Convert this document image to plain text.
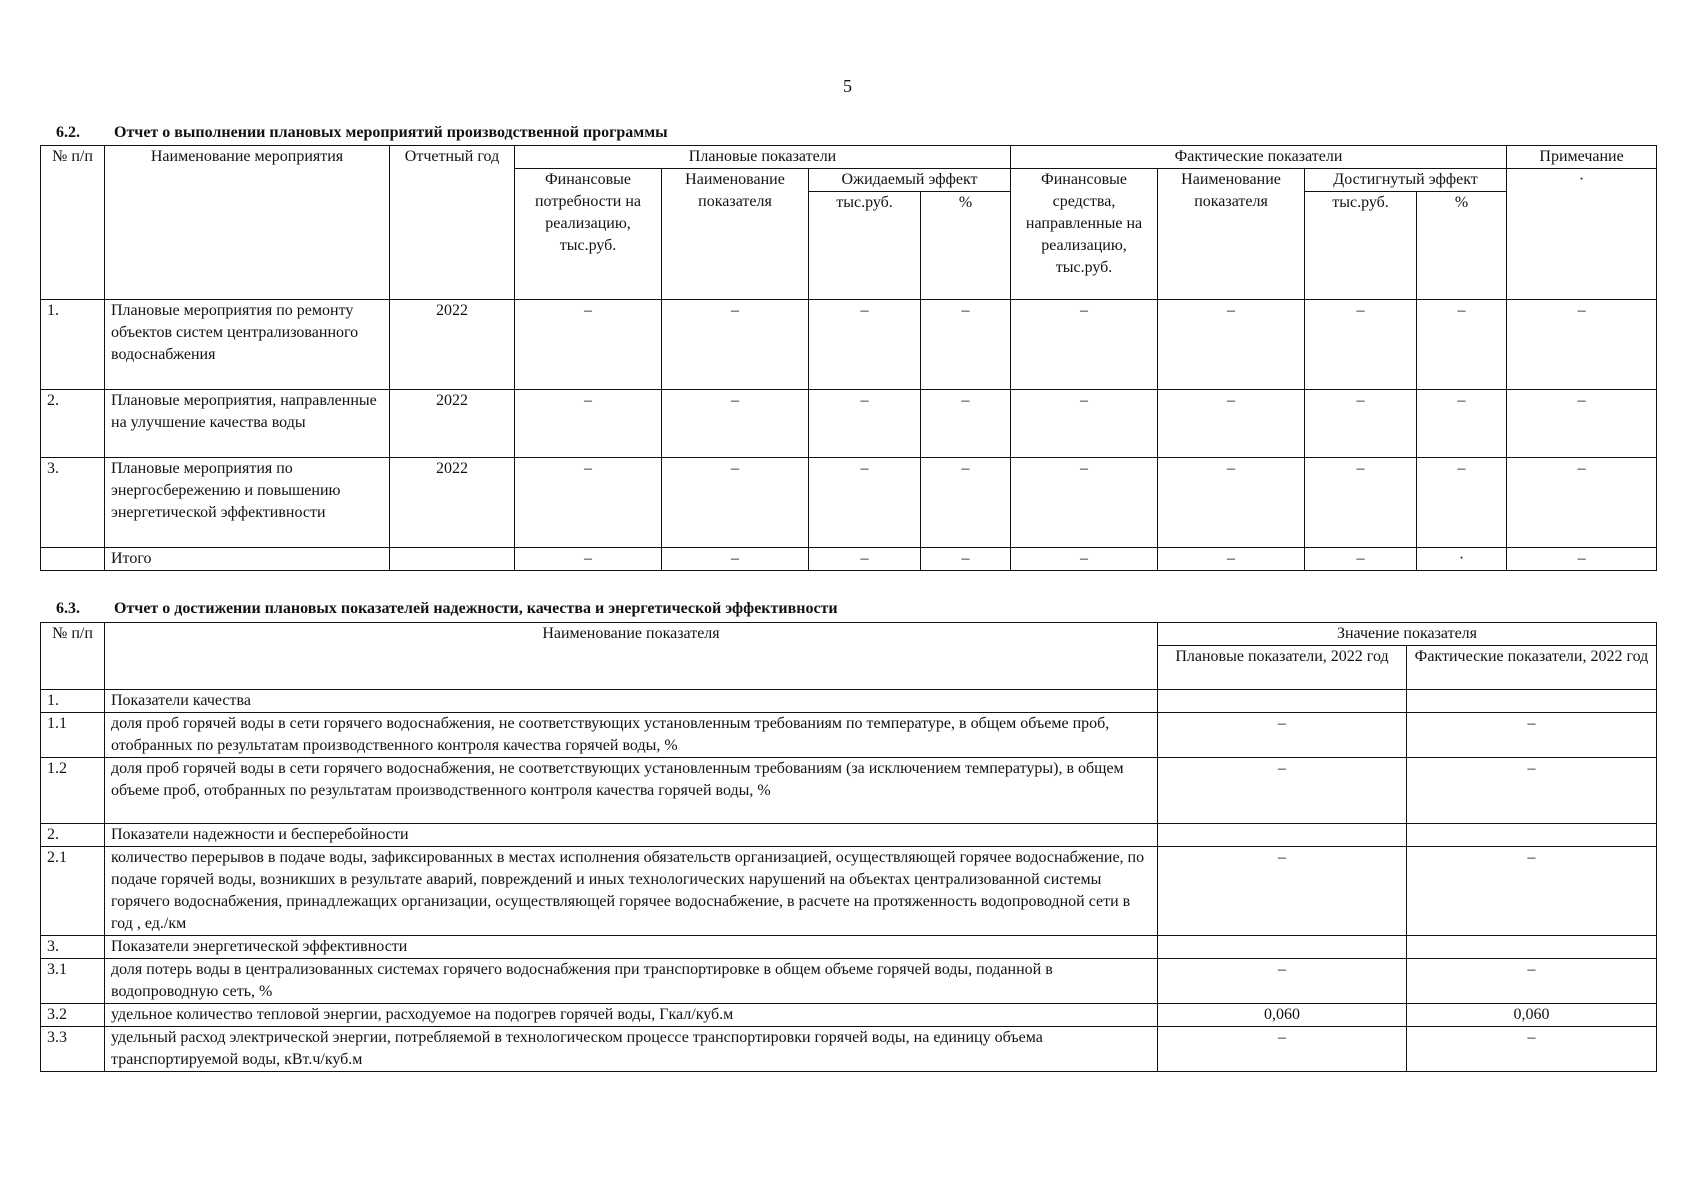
5
6.2. Отчет о выполнении плановых мероприятий производственной программы
№ п/п	Наименование мероприятия	Отчетный год	Плановые показатели				Фактические показатели				Примечание
			Финансовые потребности на реализацию, тыс.руб.	Наименование показателя	Ожидаемый эффект		Финансовые средства, направленные на реализацию, тыс.руб.	Наименование показателя	Достигнутый эффект		·
					тыс.руб.	%			тыс.руб.	%	
1.	Плановые мероприятия по ремонту объектов систем централизованного водоснабжения	2022	–	–	–	–	–	–	–	–	–
2.	Плановые мероприятия, направленные на улучшение качества воды	2022	–	–	–	–	–	–	–	–	–
3.	Плановые мероприятия по энергосбережению и повышению энергетической эффективности	2022	–	–	–	–	–	–	–	–	–
	Итого		–	–	–	–	–	–	–	·	–
6.3. Отчет о достижении плановых показателей надежности, качества и энергетической эффективности
№ п/п	Наименование показателя	Значение показателя	
		Плановые показатели, 2022 год	Фактические показатели, 2022 год
1.	Показатели качества		
1.1	доля проб горячей воды в сети горячего водоснабжения, не соответствующих установленным требованиям по температуре, в общем объеме проб, отобранных по результатам производственного контроля качества горячей воды, %	–	–
1.2	доля проб горячей воды в сети горячего водоснабжения, не соответствующих установленным требованиям (за исключением температуры), в общем объеме проб, отобранных по результатам производственного контроля качества горячей воды, %	–	–
2.	Показатели надежности и бесперебойности		
2.1	количество перерывов в подаче воды, зафиксированных в местах исполнения обязательств организацией, осуществляющей горячее водоснабжение, по подаче горячей воды, возникших в результате аварий, повреждений и иных технологических нарушений на объектах централизованной системы горячего водоснабжения, принадлежащих организации, осуществляющей горячее водоснабжение, в расчете на протяженность водопроводной сети в год , ед./км	–	–
3.	Показатели энергетической эффективности		
3.1	доля потерь воды в централизованных системах горячего водоснабжения при транспортировке в общем объеме горячей воды, поданной в водопроводную сеть, %	–	–
3.2	удельное количество тепловой энергии, расходуемое на подогрев горячей воды, Гкал/куб.м	0,060	0,060
3.3	удельный расход электрической энергии, потребляемой в технологическом процессе транспортировки горячей воды, на единицу объема транспортируемой воды, кВт.ч/куб.м	–	–
